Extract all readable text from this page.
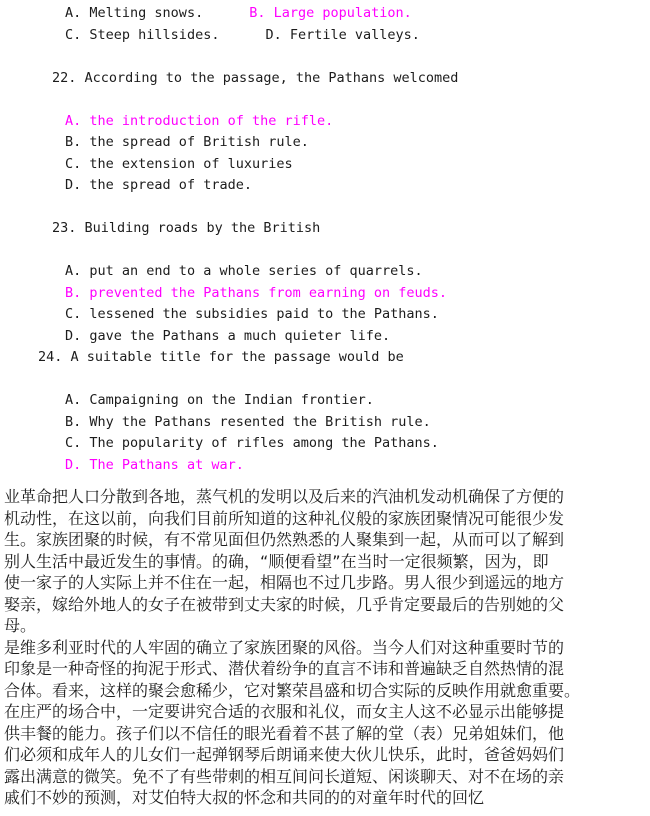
A. Melting snows.	B. Large population.
C. Steep hillsides.	D. Fertile valleys.
22. According to the passage, the Pathans welcomed
A. the introduction of the rifle.
B. the spread of British rule.
C. the extension of luxuries
D. the spread of trade.
23. Building roads by the British
A. put an end to a whole series of quarrels.
B. prevented the Pathans from earning on feuds.
C. lessened the subsidies paid to the Pathans.
D. gave the Pathans a much quieter life.
24. A suitable title for the passage would be
A. Campaigning on the Indian frontier.
B. Why the Pathans resented the British rule.
C. The popularity of rifles among the Pathans.
D. The Pathans at war.
业革命把人口分散到各地，蒸气机的发明以及后来的汽油机发动机确保了方便的
机动性，在这以前，向我们目前所知道的这种礼仪般的家族团聚情况可能很少发
生。家族团聚的时候，有不常见面但仍然熟悉的人聚集到一起，从而可以了解到
别人生活中最近发生的事情。的确，“顺便看望”在当时一定很频繁，因为，即
使一家子的人实际上并不住在一起，相隔也不过几步路。男人很少到遥远的地方
娶亲，嫁给外地人的女子在被带到丈夫家的时候，几乎肯定要最后的告别她的父
母。
是维多利亚时代的人牢固的确立了家族团聚的风俗。当今人们对这种重要时节的
印象是一种奇怪的拘泥于形式、潜伏着纷争的直言不讳和普遍缺乏自然热情的混
合体。看来，这样的聚会愈稀少，它对繁荣昌盛和切合实际的反映作用就愈重要。
在庄严的场合中，一定要讲究合适的衣服和礼仪，而女主人这不必显示出能够提
供丰餐的能力。孩子们以不信任的眼光看着不甚了解的堂（表）兄弟姐妹们，他
们必须和成年人的儿女们一起弹钢琴后朗诵来使大伙儿快乐，此时，爸爸妈妈们
露出满意的微笑。免不了有些带刺的相互间问长道短、闲谈聊天、对不在场的亲
戚们不妙的预测，对艾伯特大叔的怀念和共同的的对童年时代的回忆
